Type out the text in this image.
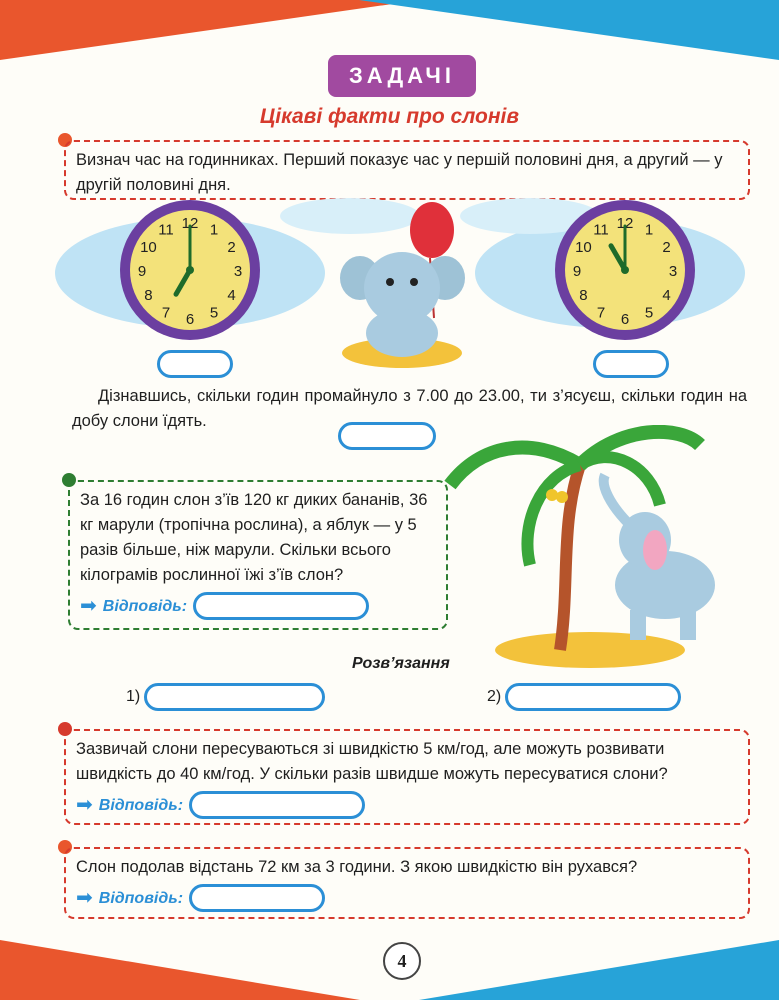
ЗАДАЧІ
Цікаві факти про слонів
Визнач час на годинниках. Перший показує час у першій половині дня, а другий — у другій половині дня.
12 1
2
3
4
5
6
7
8
9
10
11	12 1
2
3
4
5
6
7
8
9
10
11
Дізнавшись, скільки годин промайнуло з 7.00 до 23.00, ти з’ясуєш, скільки годин на добу слони їдять.
За 16 годин слон з’їв 120 кг диких бананів, 36 кг марули (тропічна рослина), а яблук — у 5 разів більше, ніж марули. Скільки всього кілограмів рослинної їжі з’їв слон?
➡ Відповідь:
Розв’язання
1)	2)
Зазвичай слони пересуваються зі швидкістю 5 км/год, але можуть розвивати швидкість до 40 км/год. У скільки разів швидше можуть пересуватися слони?
➡ Відповідь:
Слон подолав відстань 72 км за 3 години. З якою швидкістю він рухався?
➡ Відповідь:
4
